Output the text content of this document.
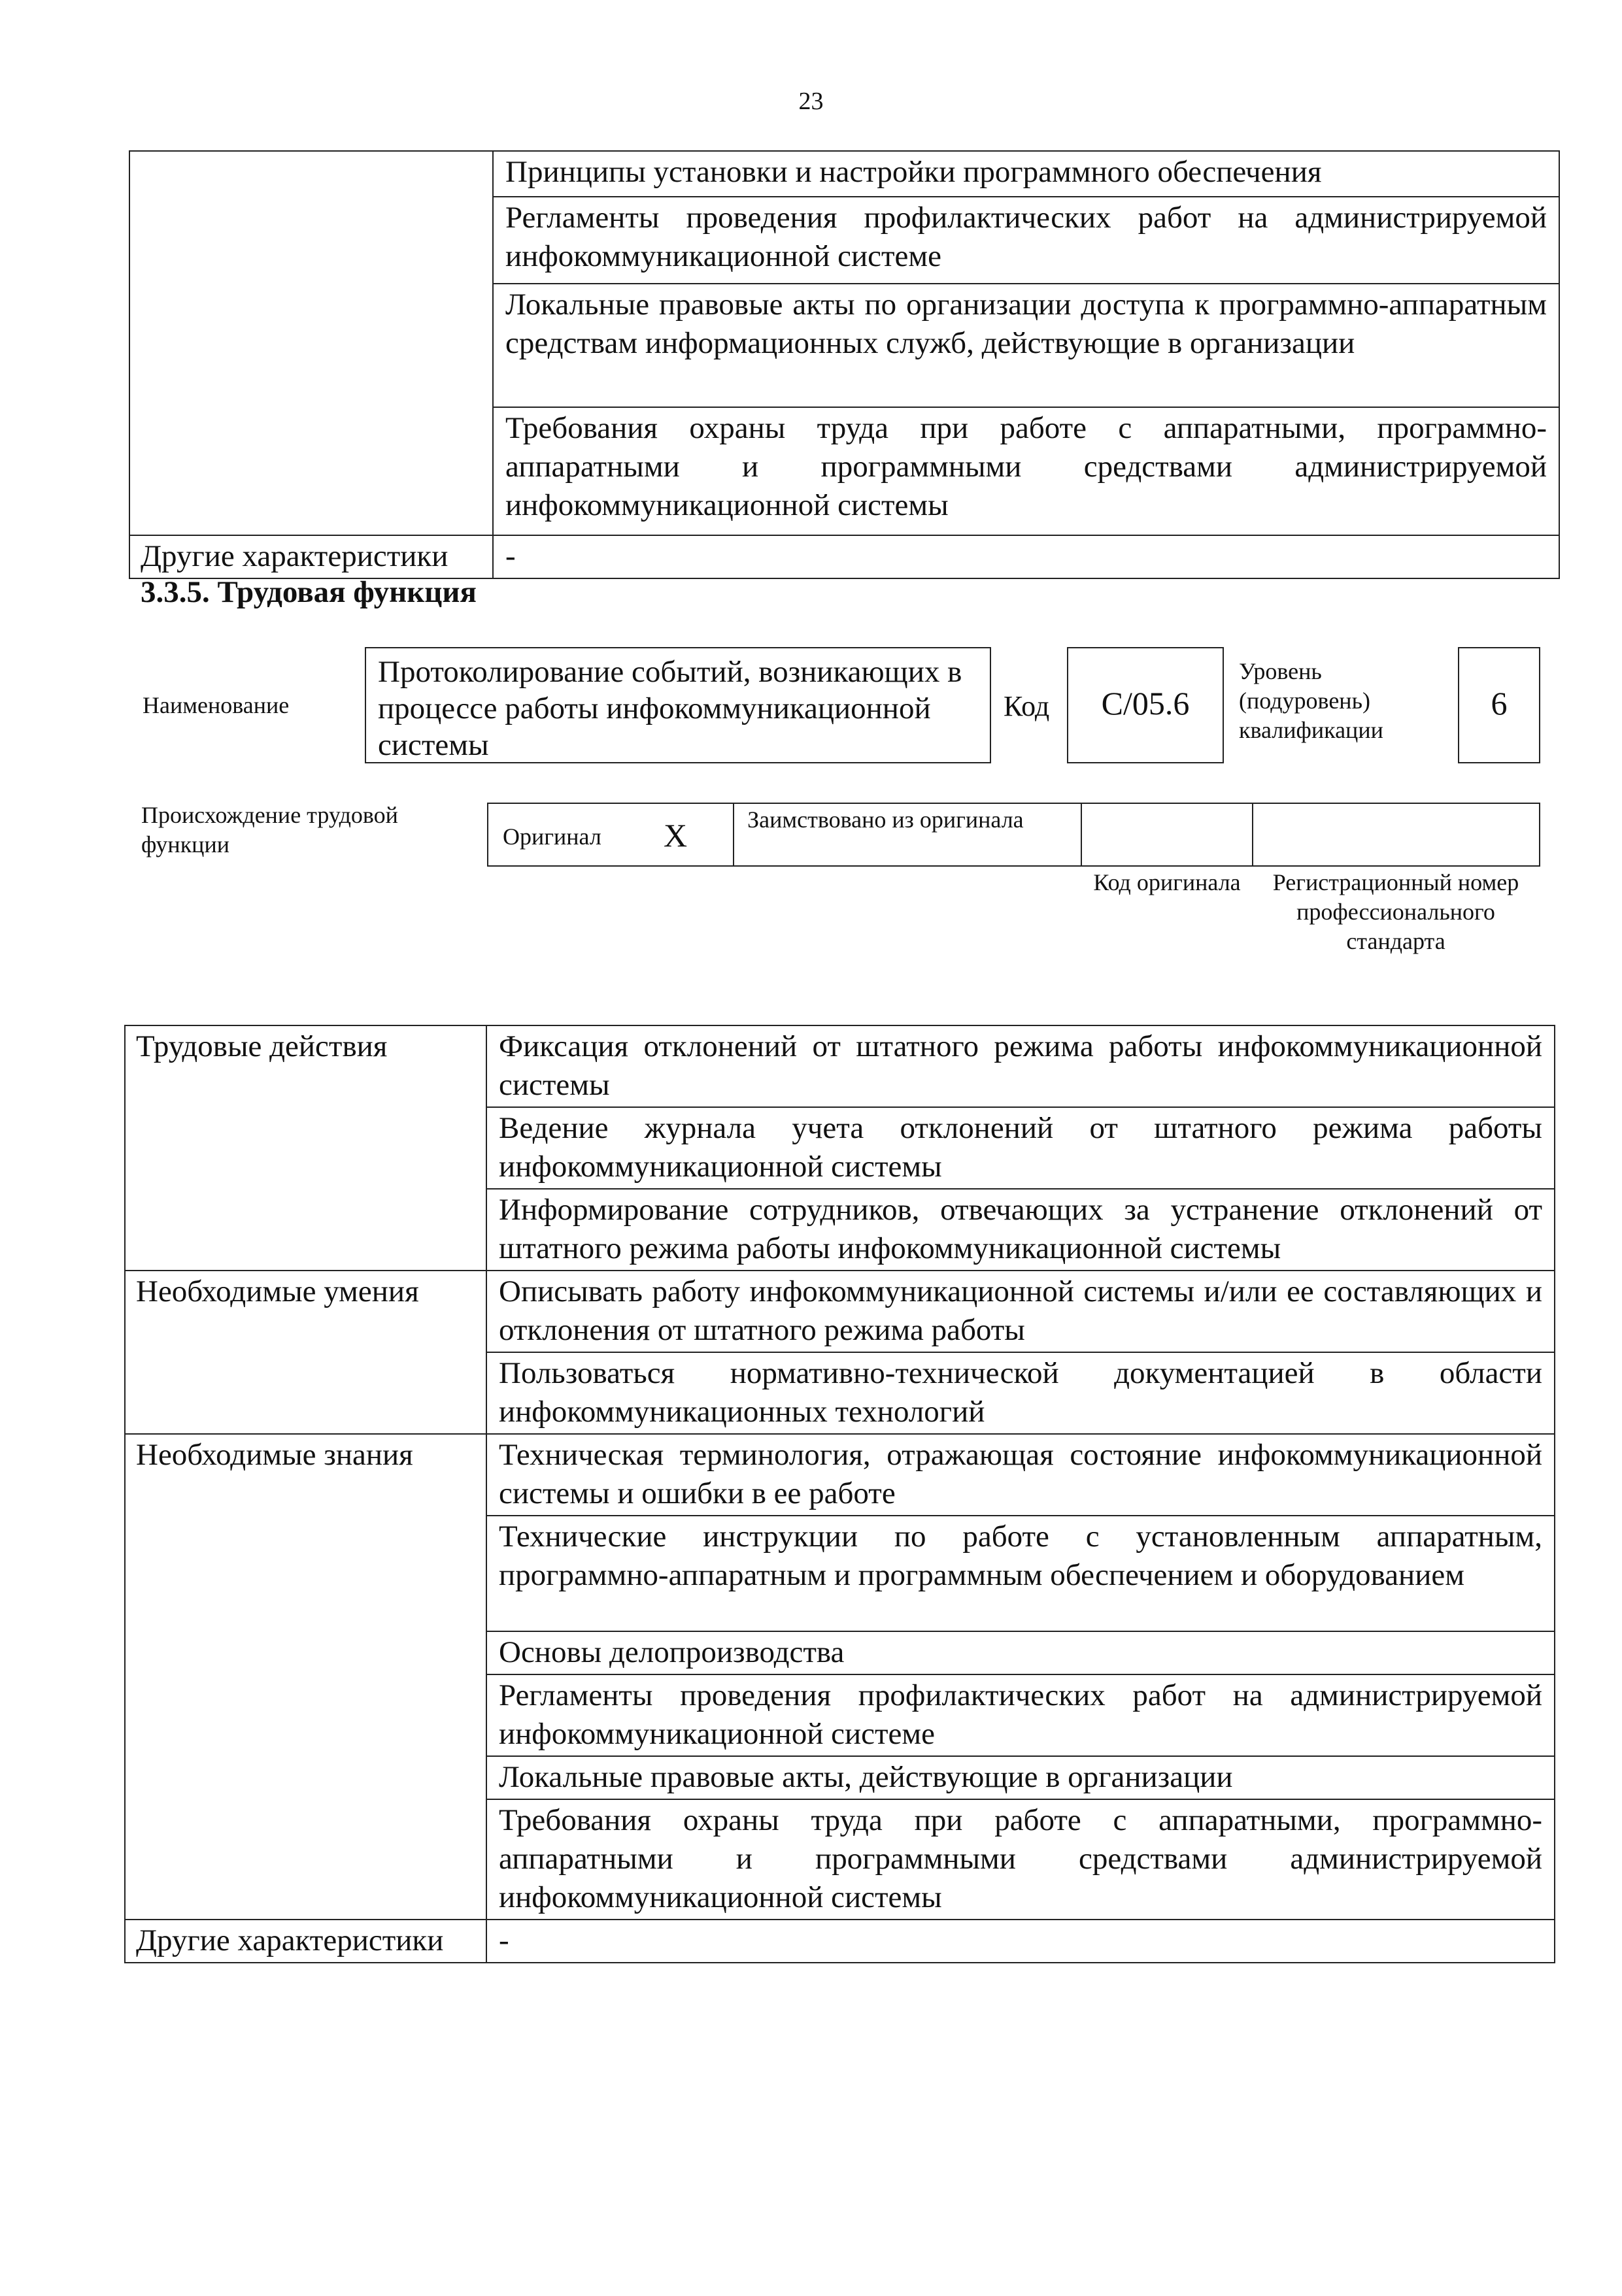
23
	Принципы установки и настройки программного обеспечения
	Регламенты проведения профилактических работ на администрируемой инфокоммуникационной системе
	Локальные правовые акты по организации доступа к программно-аппаратным средствам информационных служб, действующие в организации
	Требования охраны труда при работе с аппаратными, программно-аппаратными и программными средствами администрируемой инфокоммуникационной системы
Другие характеристики	-
3.3.5. Трудовая функция
Наименование
Протоколирование событий, возникающих в процессе работы инфокоммуникационной системы
Код	C/05.6
Уровень (подуровень) квалификации
6
Происхождение трудовой функции	Оригинал X	Заимствовано из оригинала
Код оригинала	Регистрационный номер профессионального стандарта
Трудовые действия	Фиксация отклонений от штатного режима работы инфокоммуникационной системы
	Ведение журнала учета отклонений от штатного режима работы инфокоммуникационной системы
	Информирование сотрудников, отвечающих за устранение отклонений от штатного режима работы инфокоммуникационной системы
Необходимые умения	Описывать работу инфокоммуникационной системы и/или ее составляющих и отклонения от штатного режима работы
	Пользоваться нормативно-технической документацией в области инфокоммуникационных технологий
Необходимые знания	Техническая терминология, отражающая состояние инфокоммуникационной системы и ошибки в ее работе
	Технические инструкции по работе с установленным аппаратным, программно-аппаратным и программным обеспечением и оборудованием
	Основы делопроизводства
	Регламенты проведения профилактических работ на администрируемой инфокоммуникационной системе
	Локальные правовые акты, действующие в организации
	Требования охраны труда при работе с аппаратными, программно-аппаратными и программными средствами администрируемой инфокоммуникационной системы
Другие характеристики	-
